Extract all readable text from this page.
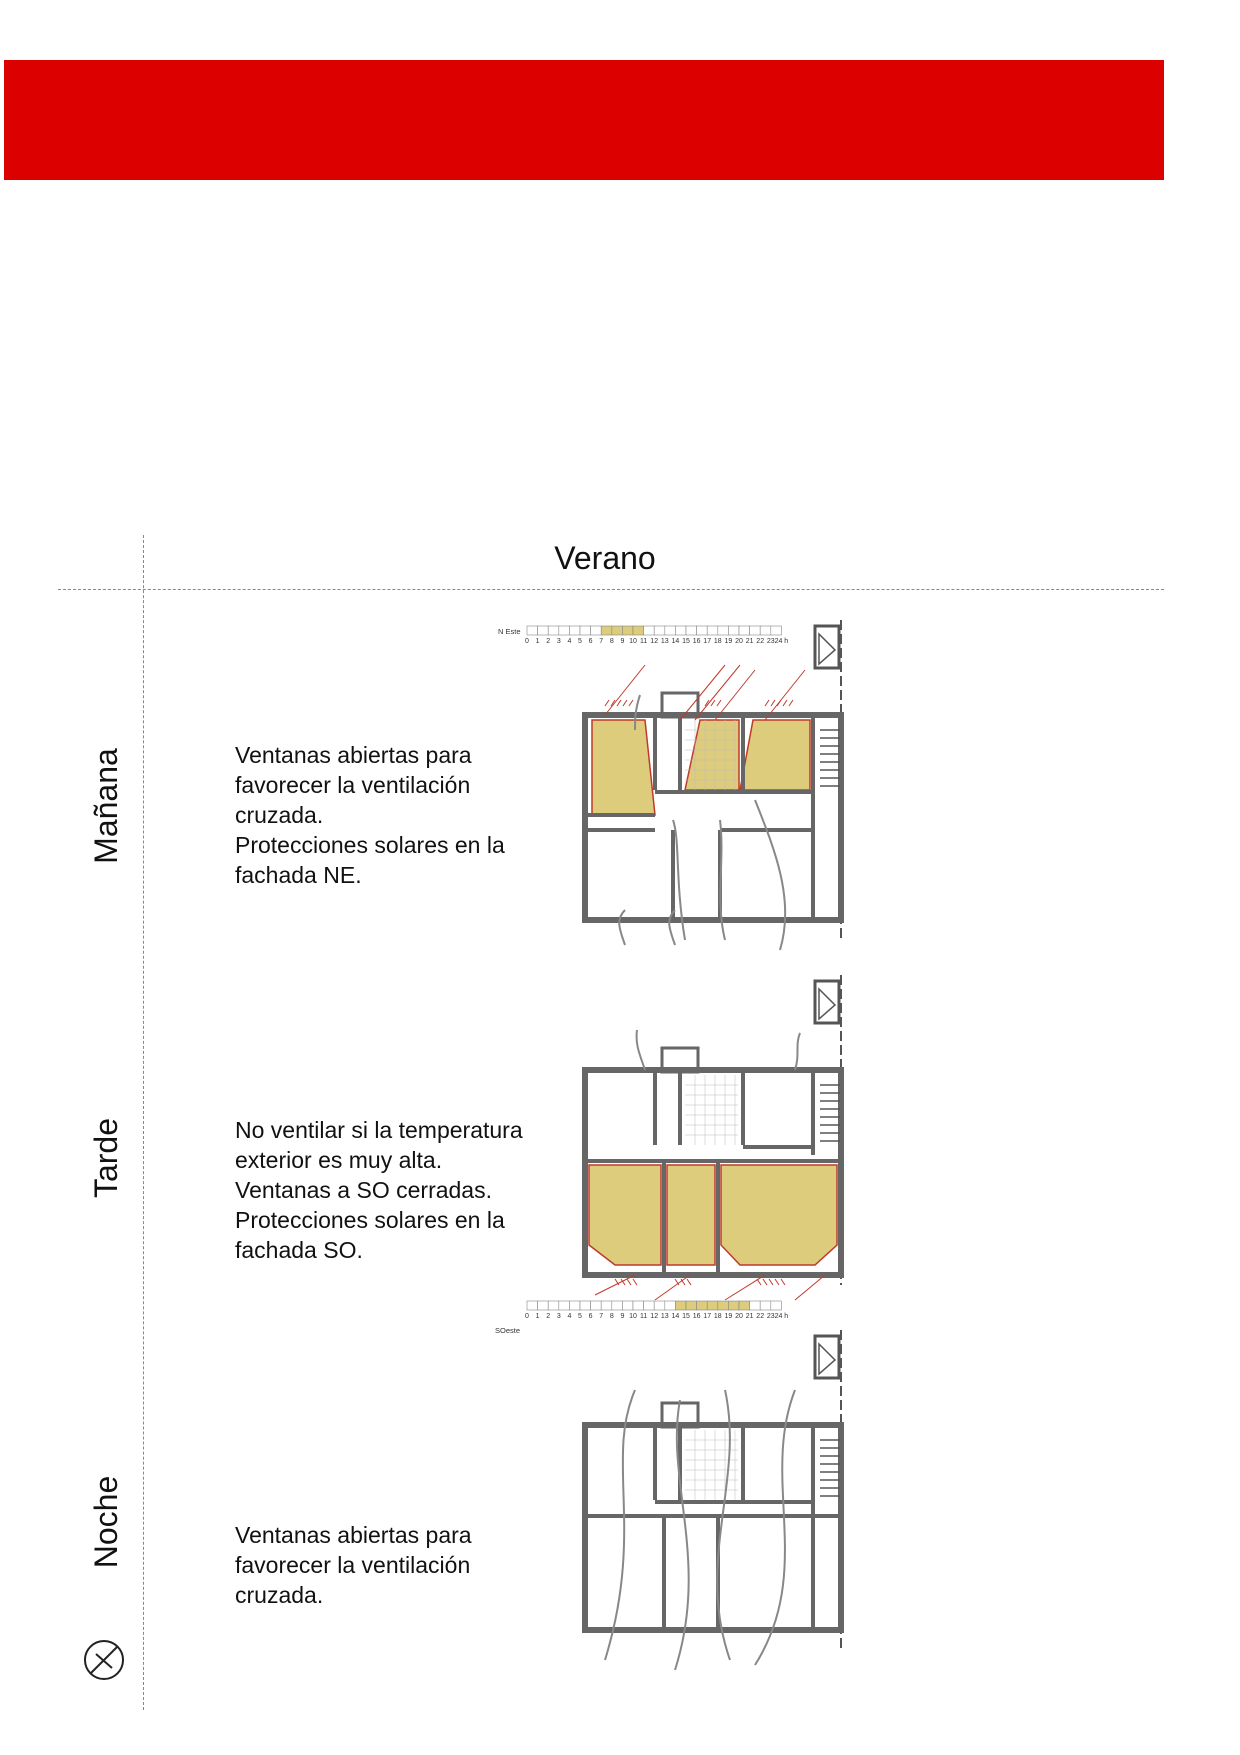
Verano
Mañana
Tarde
Noche
Ventanas abiertas para
favorecer la ventilación
cruzada.
Protecciones solares en la
fachada NE.
No ventilar si la temperatura
exterior es muy alta.
Ventanas a SO cerradas.
Protecciones solares en la
fachada SO.
Ventanas abiertas para
favorecer la ventilación
cruzada.
N Este
0 1 2 3 4 5 6 7 8 9 10 11 12 13 14 15 16 17 18 19 20 21 22 23 24 h
SOeste
0 1 2 3 4 5 6 7 8 9 10 11 12 13 14 15 16 17 18 19 20 21 22 23 24 h
